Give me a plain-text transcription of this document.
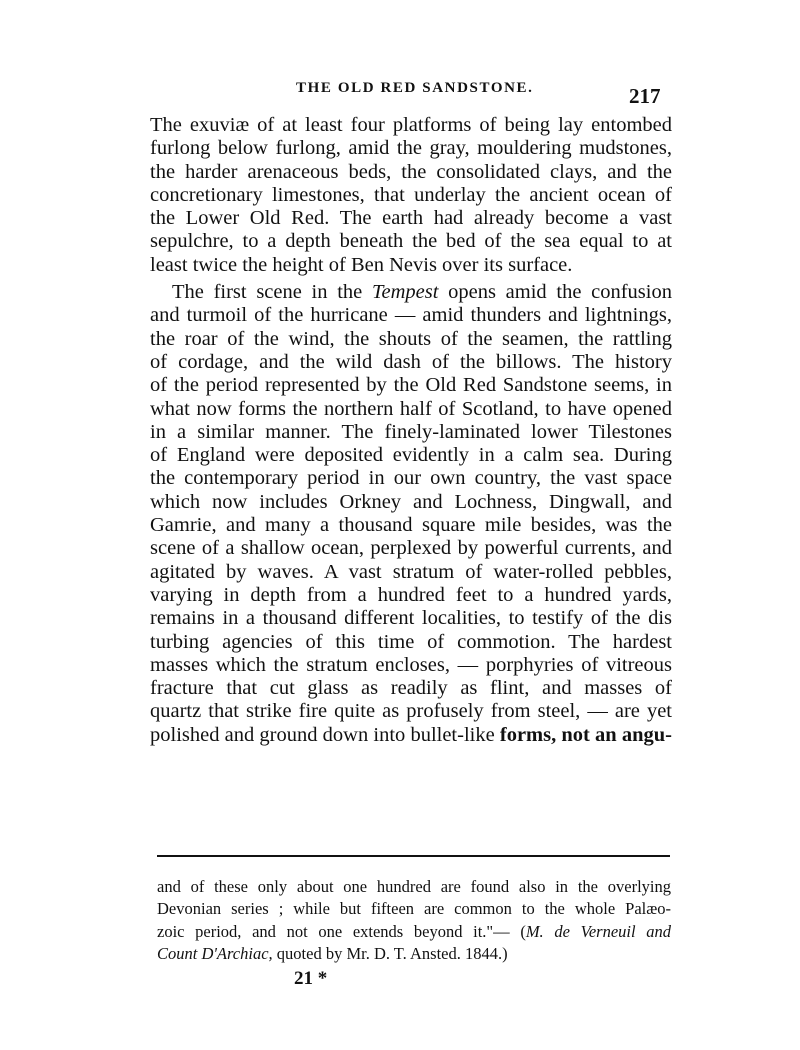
THE OLD RED SANDSTONE.	217
The exuviæ of at least four platforms of being lay entombed
furlong below furlong, amid the gray, mouldering mudstones,
the harder arenaceous beds, the consolidated clays, and the
concretionary limestones, that underlay the ancient ocean of
the Lower Old Red. The earth had already become a vast
sepulchre, to a depth beneath the bed of the sea equal to at
least twice the height of Ben Nevis over its surface.
The first scene in the Tempest opens amid the confusion
and turmoil of the hurricane — amid thunders and lightnings,
the roar of the wind, the shouts of the seamen, the rattling
of cordage, and the wild dash of the billows. The history
of the period represented by the Old Red Sandstone seems, in
what now forms the northern half of Scotland, to have opened
in a similar manner. The finely-laminated lower Tilestones
of England were deposited evidently in a calm sea. During
the contemporary period in our own country, the vast space
which now includes Orkney and Lochness, Dingwall, and
Gamrie, and many a thousand square mile besides, was the
scene of a shallow ocean, perplexed by powerful currents, and
agitated by waves. A vast stratum of water-rolled pebbles,
varying in depth from a hundred feet to a hundred yards,
remains in a thousand different localities, to testify of the dis
turbing agencies of this time of commotion. The hardest
masses which the stratum encloses, — porphyries of vitreous
fracture that cut glass as readily as flint, and masses of
quartz that strike fire quite as profusely from steel, — are yet
polished and ground down into bullet-like forms, not an angu-
and of these only about one hundred are found also in the overlying
Devonian series ; while but fifteen are common to the whole Palæo-
zoic period, and not one extends beyond it."— (M. de Verneuil and
Count D'Archiac, quoted by Mr. D. T. Ansted. 1844.)
21 *
